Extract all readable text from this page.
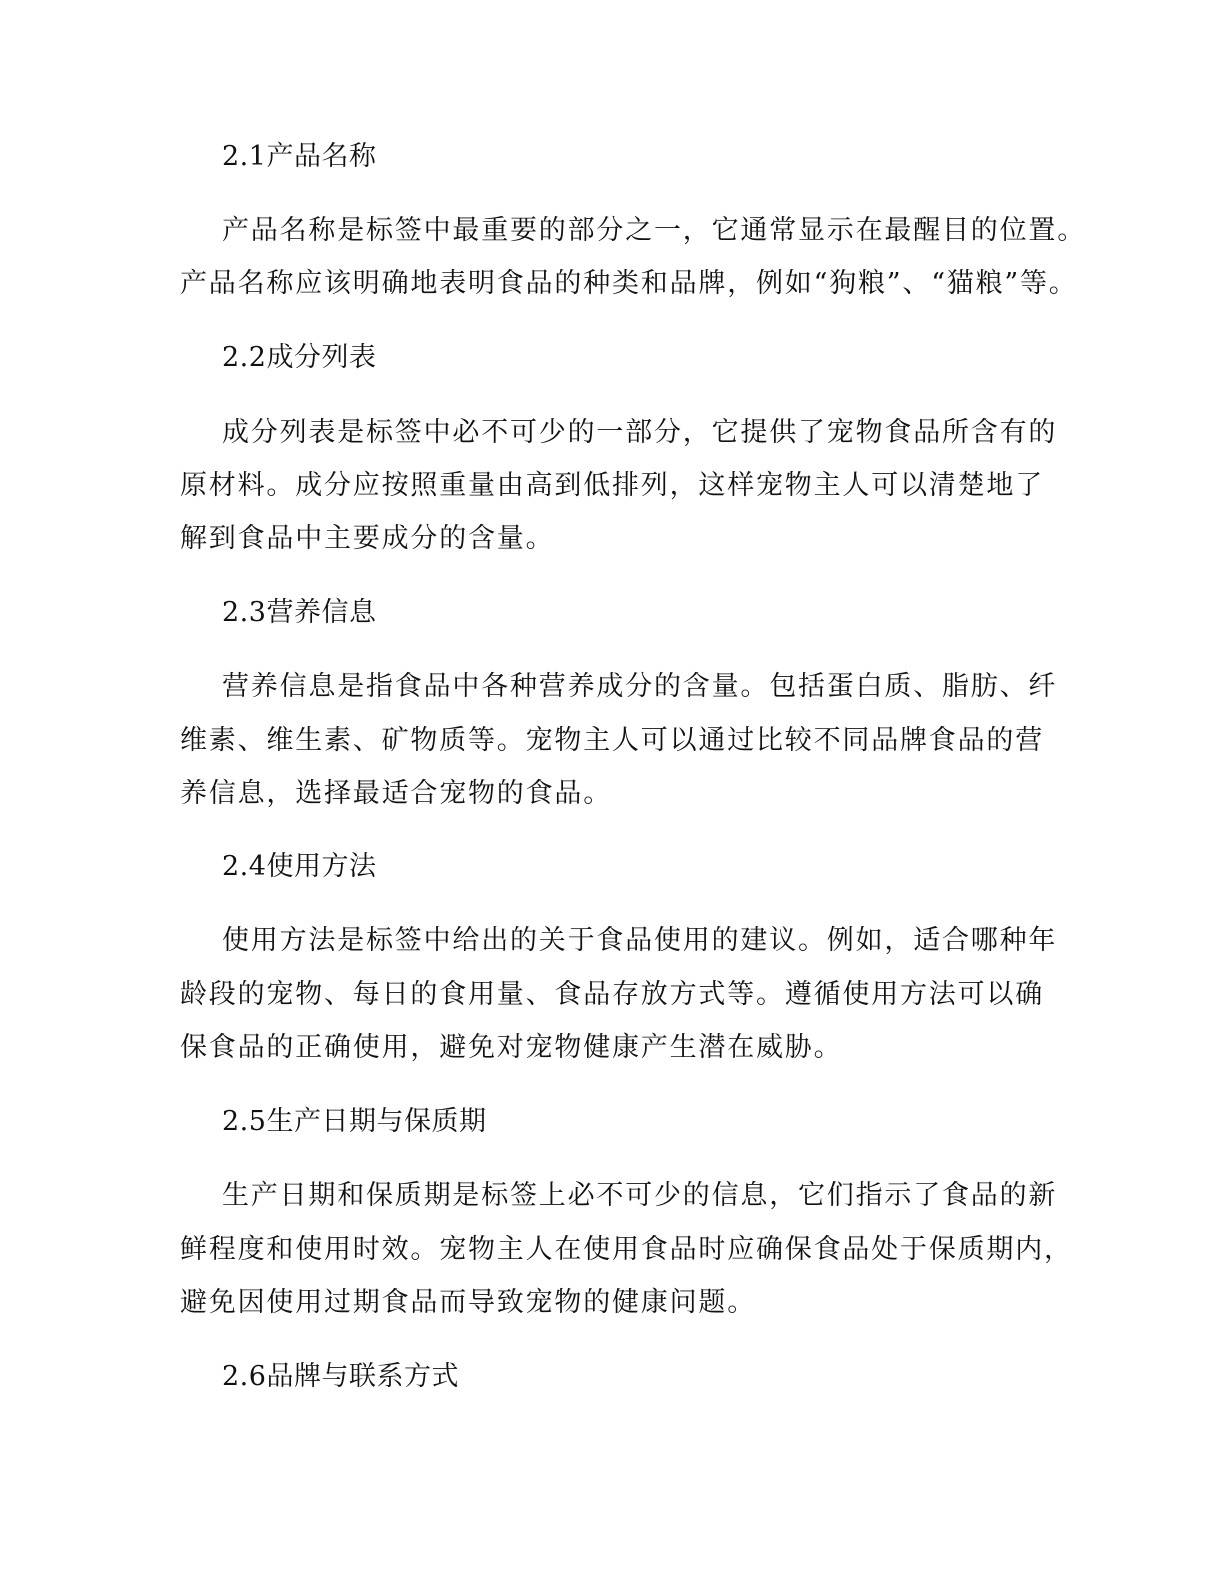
2.1产品名称
产品名称是标签中最重要的部分之一，它通常显示在最醒目的位置。
产品名称应该明确地表明食品的种类和品牌，例如“狗粮”、“猫粮”等。
2.2成分列表
成分列表是标签中必不可少的一部分，它提供了宠物食品所含有的
原材料。成分应按照重量由高到低排列，这样宠物主人可以清楚地了
解到食品中主要成分的含量。
2.3营养信息
营养信息是指食品中各种营养成分的含量。包括蛋白质、脂肪、纤
维素、维生素、矿物质等。宠物主人可以通过比较不同品牌食品的营
养信息，选择最适合宠物的食品。
2.4使用方法
使用方法是标签中给出的关于食品使用的建议。例如，适合哪种年
龄段的宠物、每日的食用量、食品存放方式等。遵循使用方法可以确
保食品的正确使用，避免对宠物健康产生潜在威胁。
2.5生产日期与保质期
生产日期和保质期是标签上必不可少的信息，它们指示了食品的新
鲜程度和使用时效。宠物主人在使用食品时应确保食品处于保质期内，
避免因使用过期食品而导致宠物的健康问题。
2.6品牌与联系方式
